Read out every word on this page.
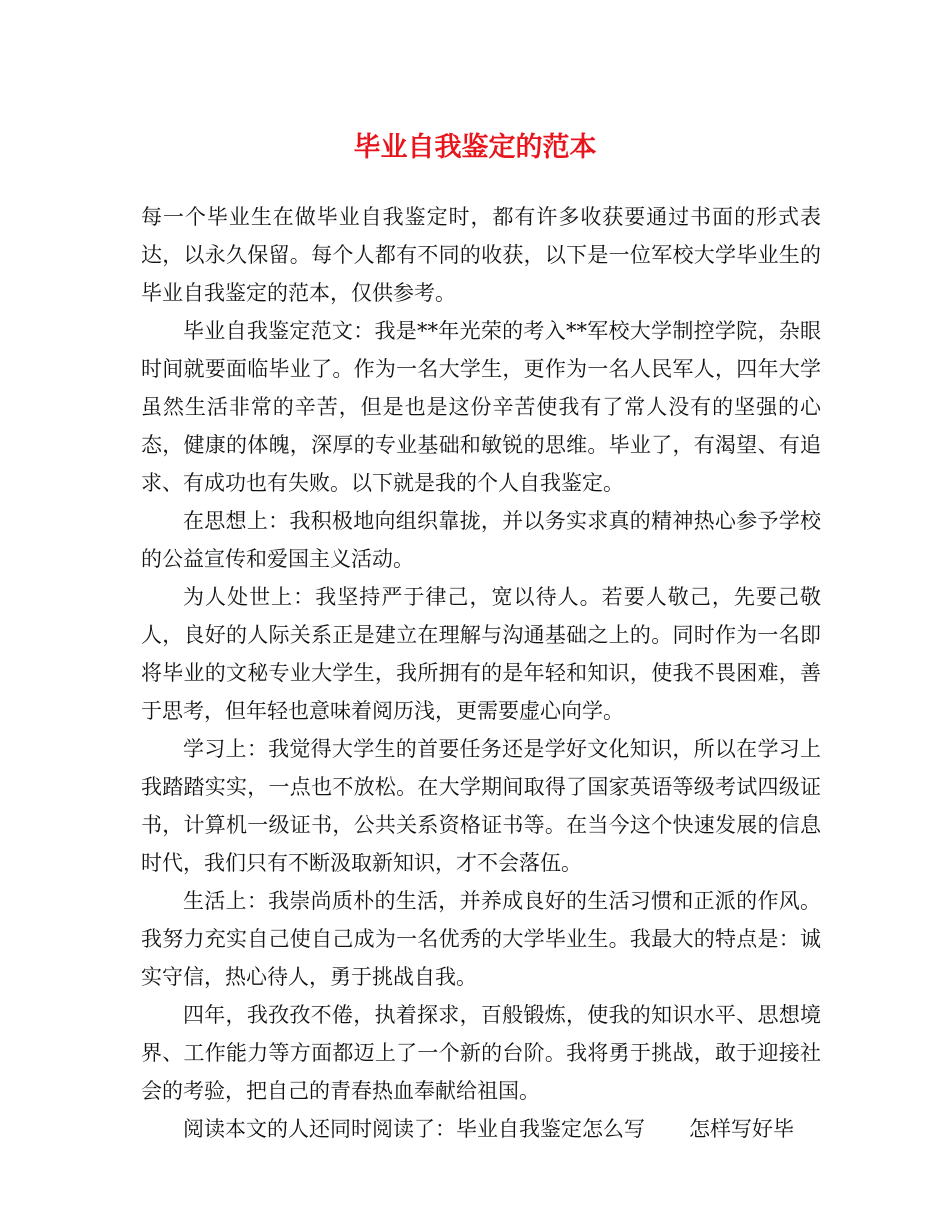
毕业自我鉴定的范本

每一个毕业生在做毕业自我鉴定时，都有许多收获要通过书面的形式表达，以永久保留。每个人都有不同的收获，以下是一位军校大学毕业生的毕业自我鉴定的范本，仅供参考。

毕业自我鉴定范文：我是**年光荣的考入**军校大学制控学院，杂眼时间就要面临毕业了。作为一名大学生，更作为一名人民军人，四年大学虽然生活非常的辛苦，但是也是这份辛苦使我有了常人没有的坚强的心态，健康的体魄，深厚的专业基础和敏锐的思维。毕业了，有渴望、有追求、有成功也有失败。以下就是我的个人自我鉴定。

在思想上：我积极地向组织靠拢，并以务实求真的精神热心参予学校的公益宣传和爱国主义活动。

为人处世上：我坚持严于律己，宽以待人。若要人敬己，先要己敬人，良好的人际关系正是建立在理解与沟通基础之上的。同时作为一名即将毕业的文秘专业大学生，我所拥有的是年轻和知识，使我不畏困难，善于思考，但年轻也意味着阅历浅，更需要虚心向学。

学习上：我觉得大学生的首要任务还是学好文化知识，所以在学习上我踏踏实实，一点也不放松。在大学期间取得了国家英语等级考试四级证书，计算机一级证书，公共关系资格证书等。在当今这个快速发展的信息时代，我们只有不断汲取新知识，才不会落伍。

生活上：我崇尚质朴的生活，并养成良好的生活习惯和正派的作风。我努力充实自己使自己成为一名优秀的大学毕业生。我最大的特点是：诚实守信，热心待人，勇于挑战自我。

四年，我孜孜不倦，执着探求，百般锻炼，使我的知识水平、思想境界、工作能力等方面都迈上了一个新的台阶。我将勇于挑战，敢于迎接社会的考验，把自己的青春热血奉献给祖国。

阅读本文的人还同时阅读了：毕业自我鉴定怎么写 怎样写好毕
